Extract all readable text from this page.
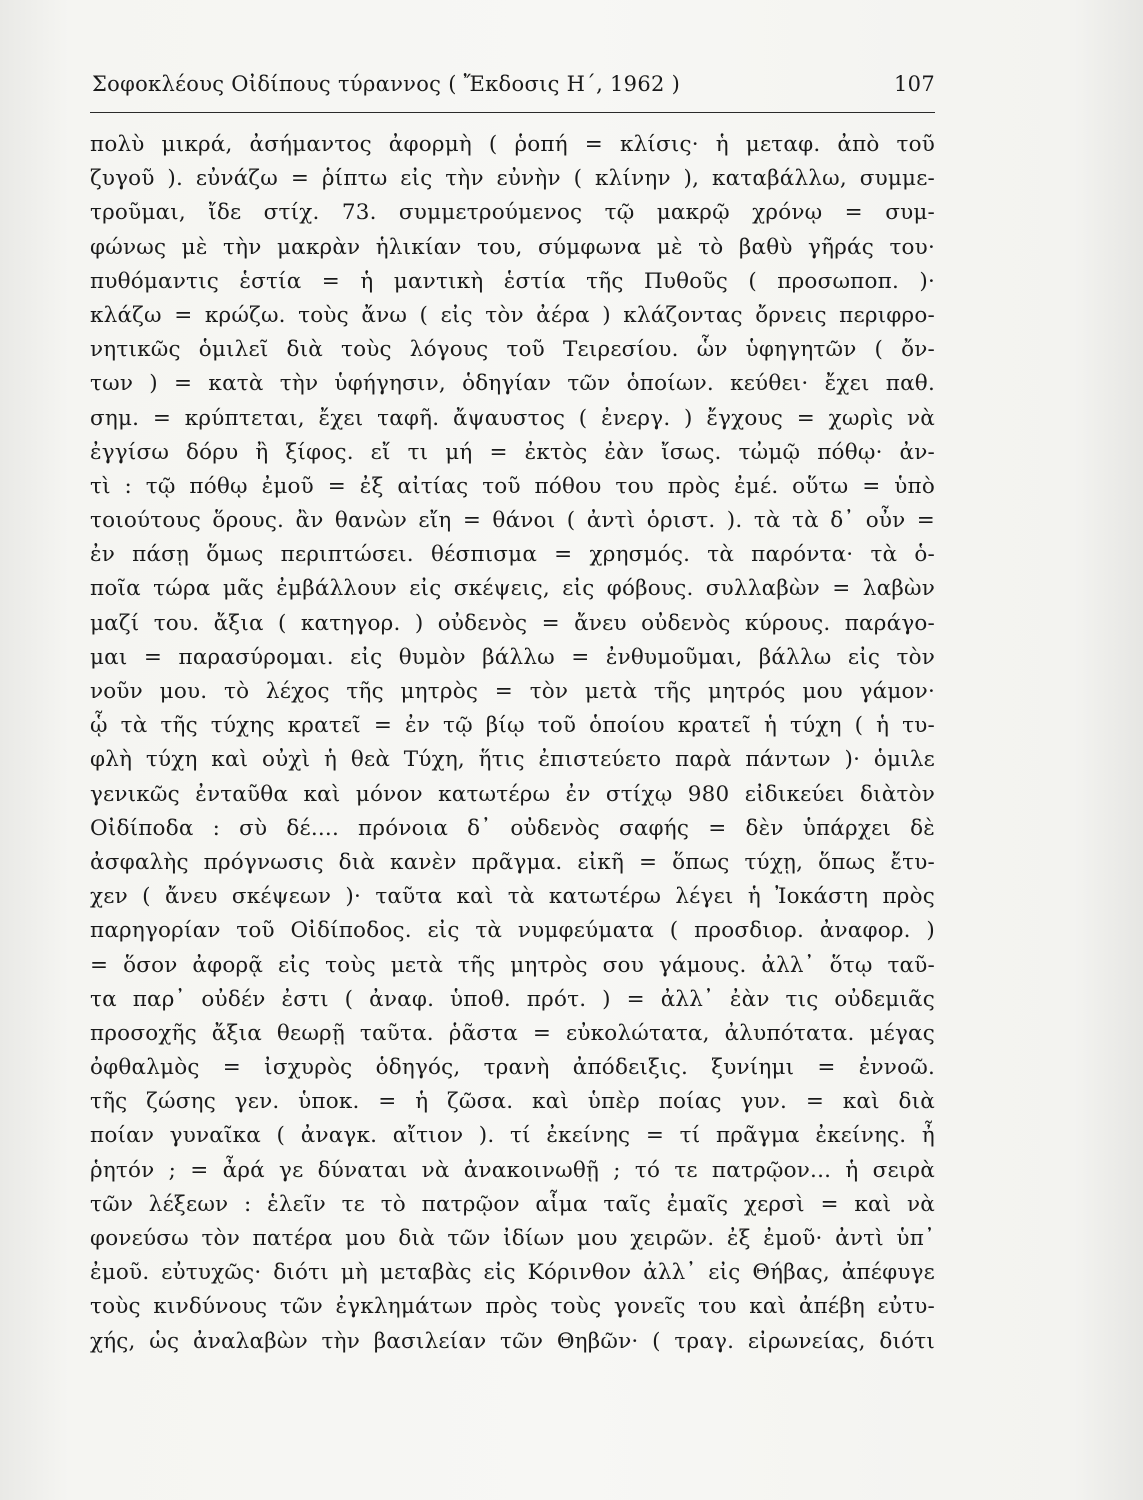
Σοφοκλέους Οἰδίπους τύραννος ( Ἔκδοσις Η΄, 1962 )	107
πολὺ μικρά, ἀσήμαντος ἀφορμὴ ( ῥοπή = κλίσις· ἡ μεταφ. ἀπὸ τοῦ
ζυγοῦ ). εὐνάζω = ῥίπτω εἰς τὴν εὐνὴν ( κλίνην ), καταβάλλω, συμμε-
τροῦμαι, ἴδε στίχ. 73. συμμετρούμενος τῷ μακρῷ χρόνῳ = συμ-
φώνως μὲ τὴν μακρὰν ἡλικίαν του, σύμφωνα μὲ τὸ βαθὺ γῆράς του·
πυθόμαντις ἑστία = ἡ μαντικὴ ἑστία τῆς Πυθοῦς ( προσωποπ. )·
κλάζω = κρώζω. τοὺς ἄνω ( εἰς τὸν ἀέρα ) κλάζοντας ὄρνεις περιφρο-
νητικῶς ὁμιλεῖ διὰ τοὺς λόγους τοῦ Τειρεσίου. ὧν ὑφηγητῶν ( ὄν-
των ) = κατὰ τὴν ὑφήγησιν, ὁδηγίαν τῶν ὁποίων. κεύθει· ἔχει παθ.
σημ. = κρύπτεται, ἔχει ταφῆ. ἄψαυστος ( ἐνεργ. ) ἔγχους = χωρὶς νὰ
ἐγγίσω δόρυ ἢ ξίφος. εἴ τι μή = ἐκτὸς ἐὰν ἴσως. τὠμῷ πόθῳ· ἀν-
τὶ : τῷ πόθῳ ἐμοῦ = ἐξ αἰτίας τοῦ πόθου του πρὸς ἐμέ. οὕτω = ὑπὸ
τοιούτους ὅρους. ἂν θανὼν εἴη = θάνοι ( ἀντὶ ὁριστ. ). τὰ τὰ δ᾽ οὖν =
ἐν πάσῃ ὅμως περιπτώσει. θέσπισμα = χρησμός. τὰ παρόντα· τὰ ὁ-
ποῖα τώρα μᾶς ἐμβάλλουν εἰς σκέψεις, εἰς φόβους. συλλαβὼν = λαβὼν
μαζί του. ἄξια ( κατηγορ. ) οὐδενὸς = ἄνευ οὐδενὸς κύρους. παράγο-
μαι = παρασύρομαι. εἰς θυμὸν βάλλω = ἐνθυμοῦμαι, βάλλω εἰς τὸν
νοῦν μου. τὸ λέχος τῆς μητρὸς = τὸν μετὰ τῆς μητρός μου γάμον·
ᾧ τὰ τῆς τύχης κρατεῖ = ἐν τῷ βίῳ τοῦ ὁποίου κρατεῖ ἡ τύχη ( ἡ τυ-
φλὴ τύχη καὶ οὐχὶ ἡ θεὰ Τύχη, ἥτις ἐπιστεύετο παρὰ πάντων )· ὁμιλε
γενικῶς ἐνταῦθα καὶ μόνον κατωτέρω ἐν στίχῳ 980 εἰδικεύει διὰτὸν
Οἰδίποδα : σὺ δέ.... πρόνοια δ᾽ οὐδενὸς σαφής = δὲν ὑπάρχει δὲ
ἀσφαλὴς πρόγνωσις διὰ κανὲν πρᾶγμα. εἰκῆ = ὅπως τύχῃ, ὅπως ἔτυ-
χεν ( ἄνευ σκέψεων )· ταῦτα καὶ τὰ κατωτέρω λέγει ἡ Ἰοκάστη πρὸς
παρηγορίαν τοῦ Οἰδίποδος. εἰς τὰ νυμφεύματα ( προσδιορ. ἀναφορ. )
= ὅσον ἀφορᾷ εἰς τοὺς μετὰ τῆς μητρὸς σου γάμους. ἀλλ᾽ ὅτῳ ταῦ-
τα παρ᾽ οὐδέν ἐστι ( ἀναφ. ὑποθ. πρότ. ) = ἀλλ᾽ ἐὰν τις οὐδεμιᾶς
προσοχῆς ἄξια θεωρῇ ταῦτα. ῥᾶστα = εὐκολώτατα, ἀλυπότατα. μέγας
ὀφθαλμὸς = ἰσχυρὸς ὁδηγός, τρανὴ ἀπόδειξις. ξυνίημι = ἐννοῶ.
τῆς ζώσης γεν. ὑποκ. = ἡ ζῶσα. καὶ ὑπὲρ ποίας γυν. = καὶ διὰ
ποίαν γυναῖκα ( ἀναγκ. αἴτιον ). τί ἐκείνης = τί πρᾶγμα ἐκείνης. ἦ
ῥητόν ; = ἆρά γε δύναται νὰ ἀνακοινωθῇ ; τό τε πατρῷον... ἡ σειρὰ
τῶν λέξεων : ἑλεῖν τε τὸ πατρῷον αἷμα ταῖς ἐμαῖς χερσὶ = καὶ νὰ
φονεύσω τὸν πατέρα μου διὰ τῶν ἰδίων μου χειρῶν. ἐξ ἐμοῦ· ἀντὶ ὑπ᾽
ἐμοῦ. εὐτυχῶς· διότι μὴ μεταβὰς εἰς Κόρινθον ἀλλ᾽ εἰς Θήβας, ἀπέφυγε
τοὺς κινδύνους τῶν ἐγκλημάτων πρὸς τοὺς γονεῖς του καὶ ἀπέβη εὐτυ-
χής, ὡς ἀναλαβὼν τὴν βασιλείαν τῶν Θηβῶν· ( τραγ. εἰρωνείας, διότι
